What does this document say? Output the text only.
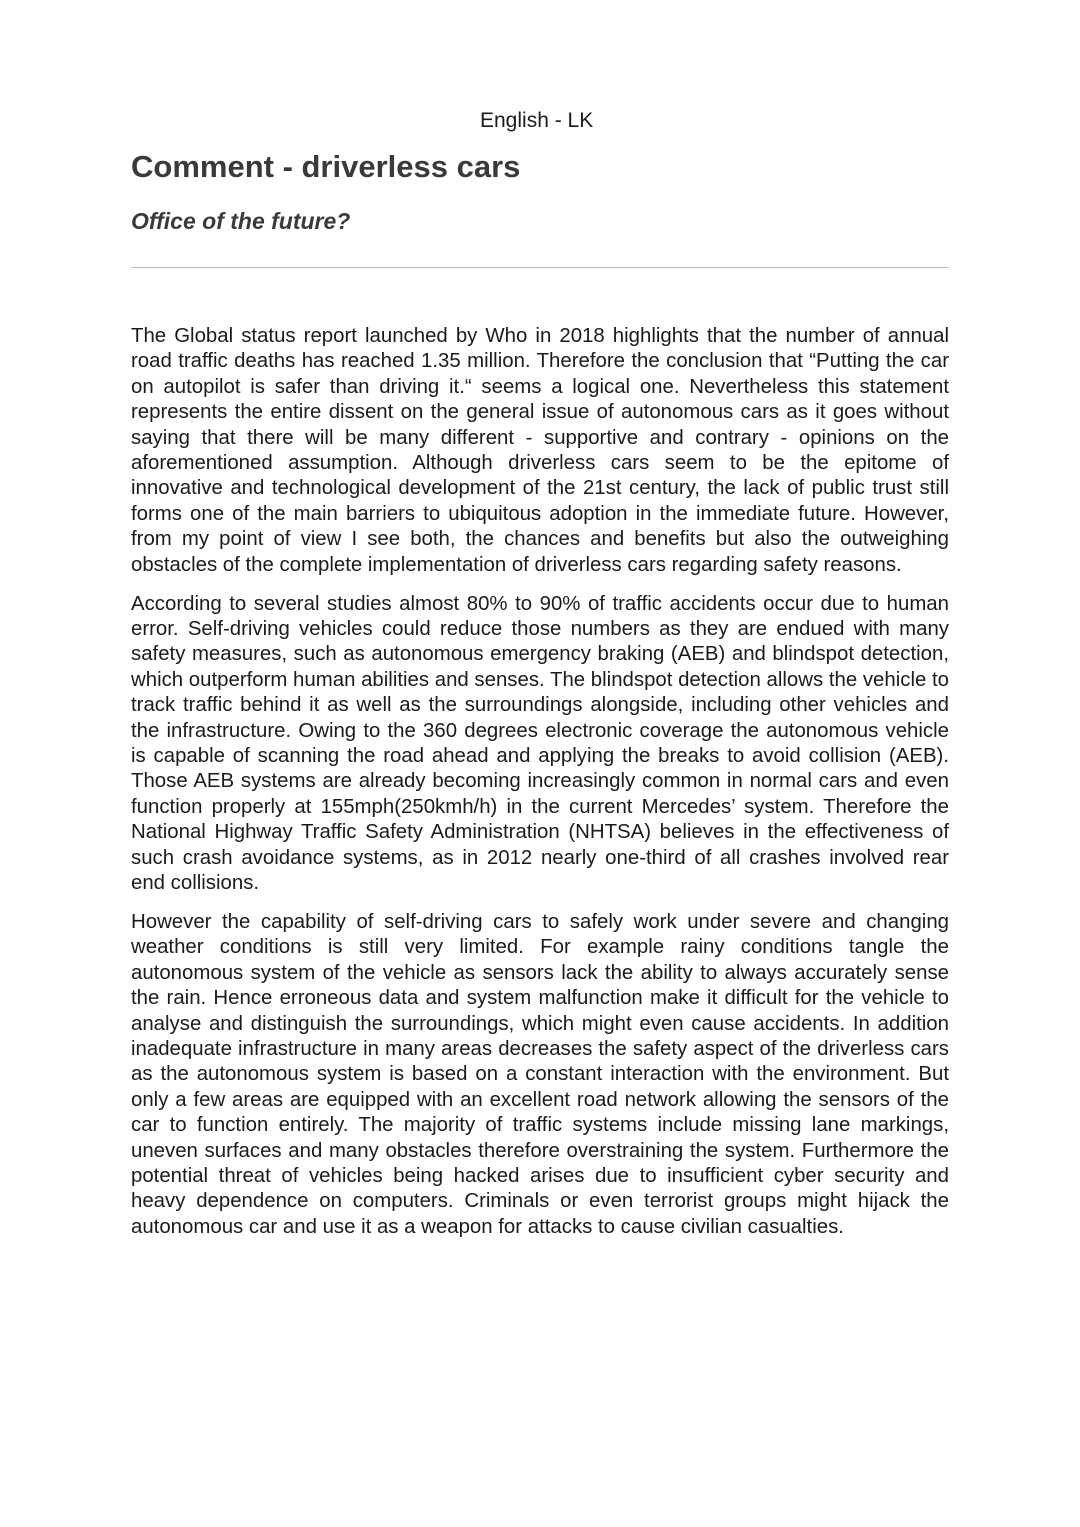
English - LK
Comment - driverless cars
Office of the future?

The Global status report launched by Who in 2018 highlights that the number of annual road traffic deaths has reached 1.35 million. Therefore the conclusion that “Putting the car on autopilot is safer than driving it.“ seems a logical one. Nevertheless this statement represents the entire dissent on the general issue of autonomous cars as it goes without saying that there will be many different - supportive and contrary - opinions on the aforementioned assumption. Although driverless cars seem to be the epitome of innovative and technological development of the 21st century, the lack of public trust still forms one of the main barriers to ubiquitous adoption in the immediate future. However, from my point of view I see both, the chances and benefits but also the outweighing obstacles of the complete implementation of driverless cars regarding safety reasons.

According to several studies almost 80% to 90% of traffic accidents occur due to human error. Self-driving vehicles could reduce those numbers as they are endued with many safety measures, such as autonomous emergency braking (AEB) and blindspot detection, which outperform human abilities and senses. The blindspot detection allows the vehicle to track traffic behind it as well as the surroundings alongside, including other vehicles and the infrastructure. Owing to the 360 degrees electronic coverage the autonomous vehicle is capable of scanning the road ahead and applying the breaks to avoid collision (AEB). Those AEB systems are already becoming increasingly common in normal cars and even function properly at 155mph(250kmh/h) in the current Mercedes’ system. Therefore the National Highway Traffic Safety Administration (NHTSA) believes in the effectiveness of such crash avoidance systems, as in 2012 nearly one-third of all crashes involved rear end collisions.

However the capability of self-driving cars to safely work under severe and changing weather conditions is still very limited. For example rainy conditions tangle the autonomous system of the vehicle as sensors lack the ability to always accurately sense the rain. Hence erroneous data and system malfunction make it difficult for the vehicle to analyse and distinguish the surroundings, which might even cause accidents. In addition inadequate infrastructure in many areas decreases the safety aspect of the driverless cars as the autonomous system is based on a constant interaction with the environment. But only a few areas are equipped with an excellent road network allowing the sensors of the car to function entirely. The majority of traffic systems include missing lane markings, uneven surfaces and many obstacles therefore overstraining the system. Furthermore the potential threat of vehicles being hacked arises due to insufficient cyber security and heavy dependence on computers. Criminals or even terrorist groups might hijack the autonomous car and use it as a weapon for attacks to cause civilian casualties.
